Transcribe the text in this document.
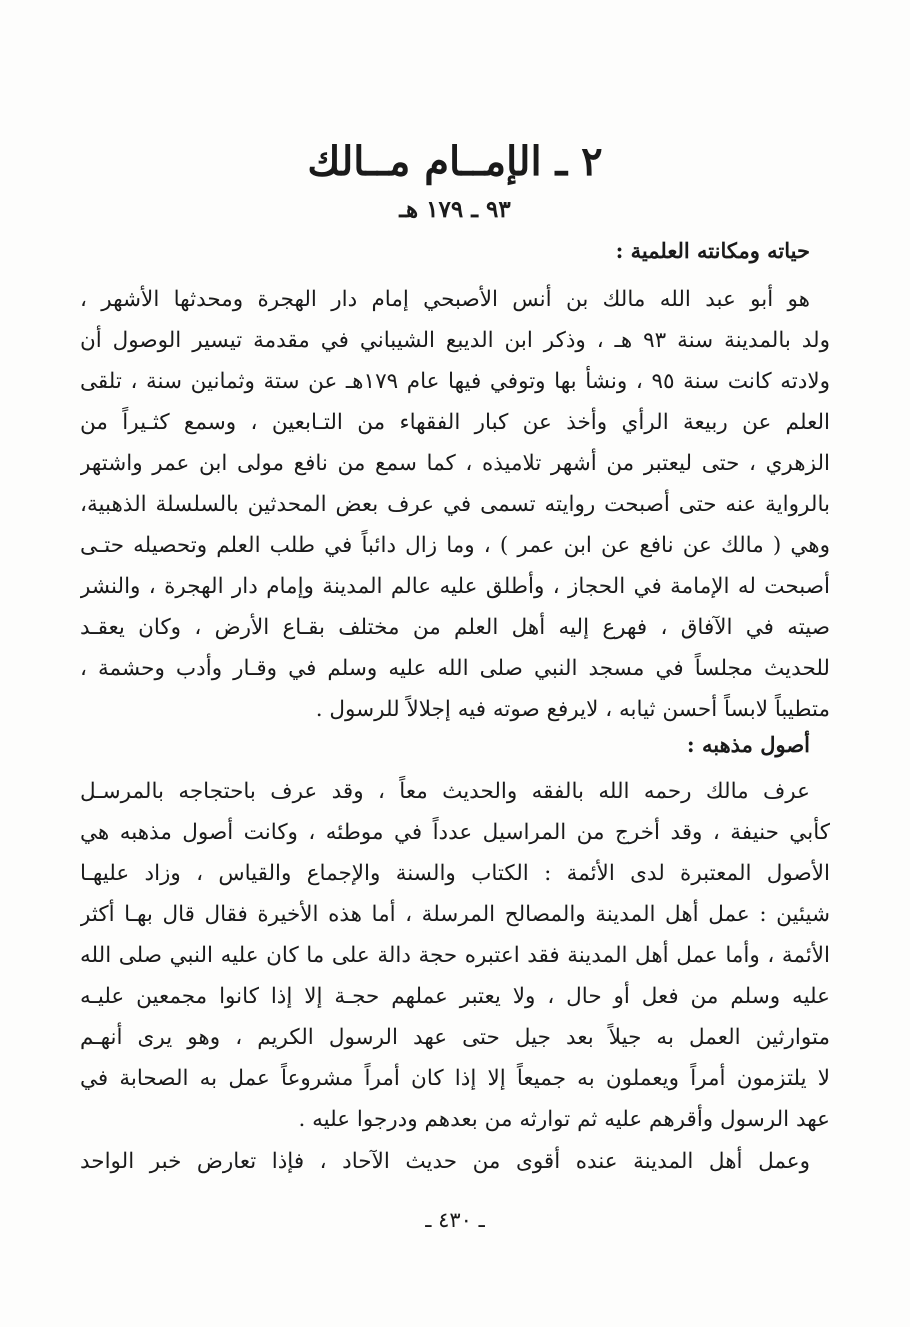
٢ ـ الإمــام مــالك
٩٣ ـ ١٧٩ هـ
حياته ومكانته العلمية :
هو أبو عبد الله مالك بن أنس الأصبحي إمام دار الهجرة ومحدثها الأشهر ،
ولد بالمدينة سنة ٩٣ هـ ، وذكر ابن الديبع الشيباني في مقدمة تيسير الوصول أن
ولادته كانت سنة ٩٥ ، ونشأ بها وتوفي فيها عام ١٧٩هـ عن ستة وثمانين سنة ، تلقى
العلم عن ربيعة الرأي وأخذ عن كبار الفقهاء من التـابعين ، وسمع كثـيراً من
الزهري ، حتى ليعتبر من أشهر تلاميذه ، كما سمع من نافع مولى ابن عمر واشتهر
بالرواية عنه حتى أصبحت روايته تسمى في عرف بعض المحدثين بالسلسلة الذهبية،
وهي ( مالك عن نافع عن ابن عمر ) ، وما زال دائباً في طلب العلم وتحصيله حتـى
أصبحت له الإمامة في الحجاز ، وأطلق عليه عالم المدينة وإمام دار الهجرة ، والنشر
صيته في الآفاق ، فهرع إليه أهل العلم من مختلف بقـاع الأرض ، وكان يعقـد
للحديث مجلساً في مسجد النبي صلى الله عليه وسلم في وقـار وأدب وحشمة ،
متطيباً لابساً أحسن ثيابه ، لايرفع صوته فيه إجلالاً للرسول .
أصول مذهبه :
عرف مالك رحمه الله بالفقه والحديث معاً ، وقد عرف باحتجاجه بالمرسـل
كأبي حنيفة ، وقد أخرج من المراسيل عدداً في موطئه ، وكانت أصول مذهبه هي
الأصول المعتبرة لدى الأئمة : الكتاب والسنة والإجماع والقياس ، وزاد عليهـا
شيئين : عمل أهل المدينة والمصالح المرسلة ، أما هذه الأخيرة فقال قال بهـا أكثر
الأئمة ، وأما عمل أهل المدينة فقد اعتبره حجة دالة على ما كان عليه النبي صلى الله
عليه وسلم من فعل أو حال ، ولا يعتبر عملهم حجـة إلا إذا كانوا مجمعين عليـه
متوارثين العمل به جيلاً بعد جيل حتى عهد الرسول الكريم ، وهو يرى أنهـم
لا يلتزمون أمراً ويعملون به جميعاً إلا إذا كان أمراً مشروعاً عمل به الصحابة في
عهد الرسول وأقرهم عليه ثم توارثه من بعدهم ودرجوا عليه .
وعمل أهل المدينة عنده أقوى من حديث الآحاد ، فإذا تعارض خبر الواحد
ـ ٤٣٠ ـ
